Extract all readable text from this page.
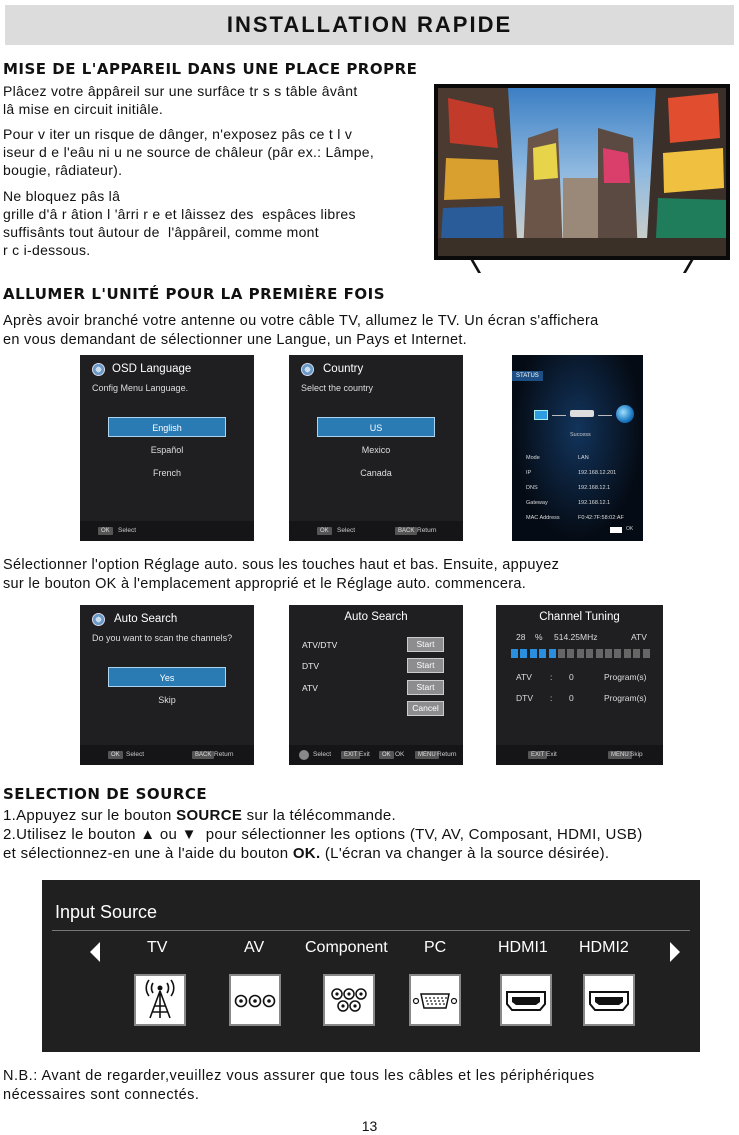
INSTALLATION RAPIDE
MISE DE L'APPAREIL DANS UNE PLACE PROPRE
Plâcez votre âppâreil sur une surfâce tr s s tâble âvânt
lâ mise en circuit initiâle.
Pour v iter un risque de dânger, n'exposez pâs ce t l v
iseur d e l'eâu ni u ne source de châleur (pâr ex.: Lâmpe,
bougie, râdiateur).
Ne bloquez pâs lâ
grille d'â r âtion l 'ârri r e et lâissez des  espâces libres
suffisânts tout âutour de  l'âppâreil, comme mont
r c i-dessous.
ALLUMER L'UNITÉ POUR LA PREMIÈRE FOIS
Après avoir branché votre antenne ou votre câble TV, allumez le TV. Un écran s'affichera
en vous demandant de sélectionner une Langue, un Pays et Internet.
OSD Language
Config Menu Language.
English
Español
French
OK	Select
Country
Select the country
US
Mexico
Canada
OK	Select	BACK Return
STATUS
Success
Mode	LAN
IP	192.168.12.201
DNS	192.168.12.1
Gateway	192.168.12.1
MAC Address	F0:42:7F:58:02:AF
OK
Sélectionner l'option Réglage auto. sous les touches haut et bas. Ensuite, appuyez
sur le bouton OK à l'emplacement approprié et le Réglage auto. commencera.
Auto Search
Do you want to scan the channels?
Yes
Skip
OK Select	BACK Return
Auto Search
ATV/DTV	Start
DTV	Start
ATV	Start
Cancel
Select	EXIT Exit	OK OK	MENU Return
Channel Tuning
28 % 514.25MHz	ATV
ATV : 0	Program(s)
DTV : 0	Program(s)
EXIT Exit	MENU Skip
SELECTION DE SOURCE
1.Appuyez sur le bouton SOURCE sur la télécommande.
2.Utilisez le bouton ▲ ou ▼  pour sélectionner les options (TV, AV, Composant, HDMI, USB)
et sélectionnez-en une à l'aide du bouton OK. (L'écran va changer à la source désirée).
Input Source
TV	AV	Component PC	HDMI1 HDMI2
N.B.: Avant de regarder,veuillez vous assurer que tous les câbles et les périphériques
nécessaires sont connectés.
13
